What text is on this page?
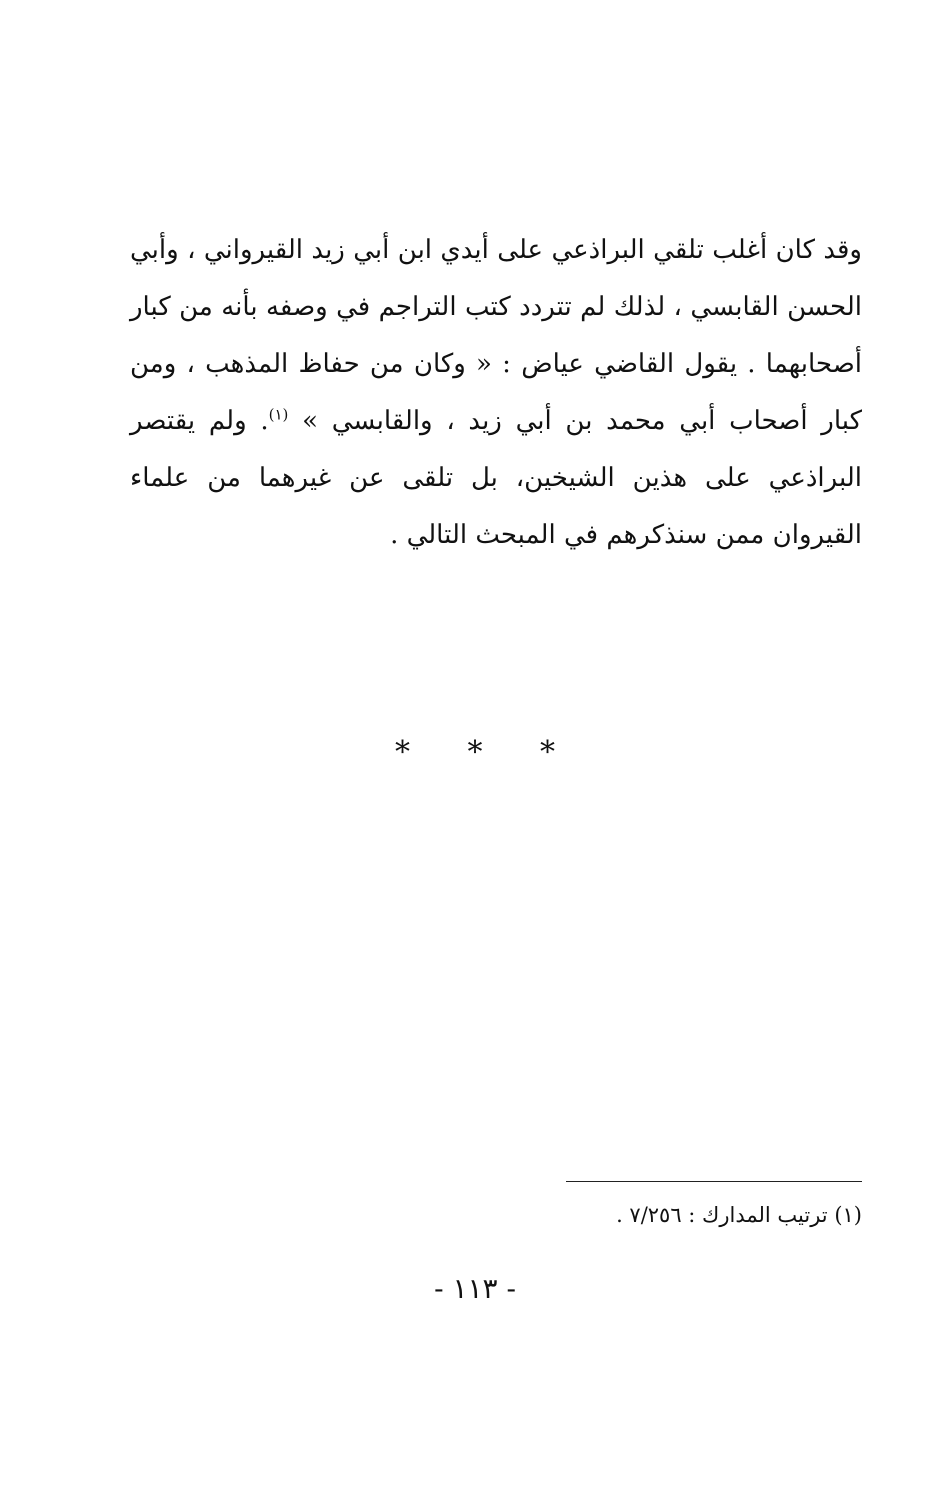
وقد كان أغلب تلقي البراذعي على أيدي ابن أبي زيد القيرواني ، وأبي الحسن القابسي ، لذلك لم تتردد كتب التراجم في وصفه بأنه من كبار أصحابهما . يقول القاضي عياض : « وكان من حفاظ المذهب ، ومن كبار أصحاب أبي محمد بن أبي زيد ، والقابسي » $^{(١)}$. ولم يقتصر البراذعي على هذين الشيخين، بل تلقى عن غيرهما من علماء القيروان ممن سنذكرهم في المبحث التالي .

* * *

(١) ترتيب المدارك : ٧/٢٥٦ .

- ١١٣ -
